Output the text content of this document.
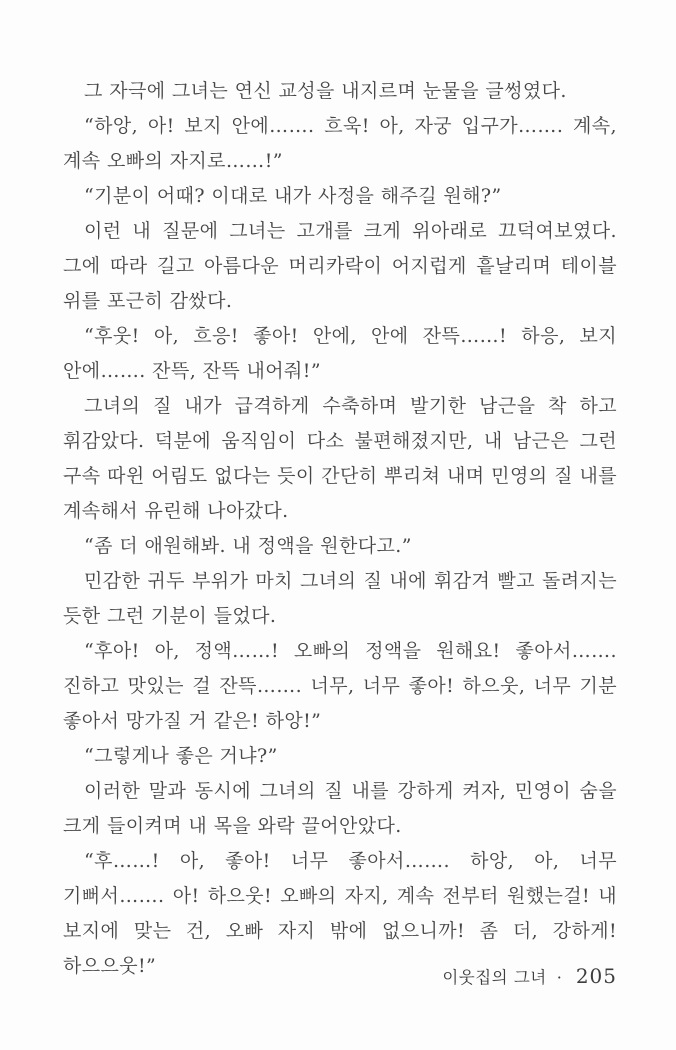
그 자극에 그녀는 연신 교성을 내지르며 눈물을 글썽였다.

“하앙, 아! 보지 안에……. 흐욱! 아, 자궁 입구가……. 계속, 계속 오빠의 자지로……!”

“기분이 어때? 이대로 내가 사정을 해주길 원해?”

이런 내 질문에 그녀는 고개를 크게 위아래로 끄덕여보였다. 그에 따라 길고 아름다운 머리카락이 어지럽게 흩날리며 테이블 위를 포근히 감쌌다.

“후웃! 아, 흐응! 좋아! 안에, 안에 잔뜩……! 하응, 보지 안에……. 잔뜩, 잔뜩 내어줘!”

그녀의 질 내가 급격하게 수축하며 발기한 남근을 착 하고 휘감았다. 덕분에 움직임이 다소 불편해졌지만, 내 남근은 그런 구속 따윈 어림도 없다는 듯이 간단히 뿌리쳐 내며 민영의 질 내를 계속해서 유린해 나아갔다.

“좀 더 애원해봐. 내 정액을 원한다고.”

민감한 귀두 부위가 마치 그녀의 질 내에 휘감겨 빨고 돌려지는 듯한 그런 기분이 들었다.

“후아! 아, 정액……! 오빠의 정액을 원해요! 좋아서……. 진하고 맛있는 걸 잔뜩……. 너무, 너무 좋아! 하으웃, 너무 기분 좋아서 망가질 거 같은! 하앙!”

“그렇게나 좋은 거냐?”

이러한 말과 동시에 그녀의 질 내를 강하게 켜자, 민영이 숨을 크게 들이켜며 내 목을 와락 끌어안았다.

“후……! 아, 좋아! 너무 좋아서……. 하앙, 아, 너무 기뻐서……. 아! 하으웃! 오빠의 자지, 계속 전부터 원했는걸! 내 보지에 맞는 건, 오빠 자지 밖에 없으니까! 좀 더, 강하게! 하으으웃!”

이웃집의 그녀 · 205
